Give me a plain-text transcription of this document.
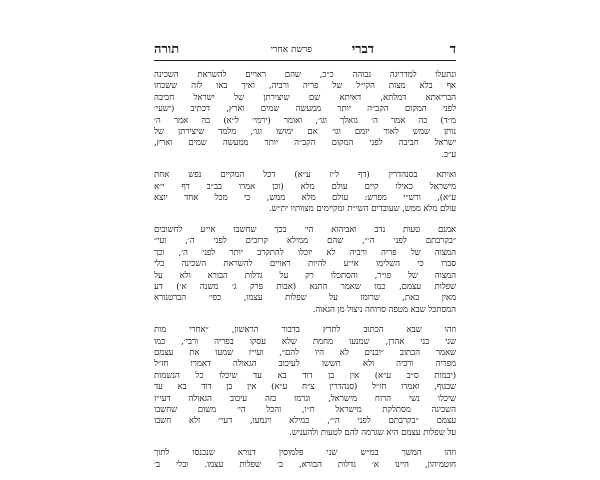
ד
דברי
פרשת אחרי
תורה
ונתעלו למדריגה גבוהה כ״כ, שהם ראויים להשראת השכינה
אף בלא מצות הקי״ל של פריה ורביה, ואיך באו לזה ששכחו
הבריאתא דמלתא, דאיתא שם שיצירתן של ישראל חביבה
לפני המקום הקב״ה יותר ממעשה שמים וארץ, דכתיב (ישעי׳
מ״ד) כה אמר ה׳ גואלך וגו׳, ואומר (ירמי׳ ל״א) כה אמר ה׳
נותן שמש לאור יומם וגו׳ אם ימושו וגו׳, מלמד שיצירתן של
ישראל חביבה לפני המקום הקב״ה יותר ממעשה שמים וארץ,
ע״כ.
ואיתא בסנהדרין (דף ל״ז ע״א) דכל המקיים נפש אחת
מישראל כאילו קיים עולם מלא (וכן אמרו בב״ב דף י״א
ע״א), ורש״י מפרש: עולם מלא ממש, כי מכל אחד יוצא
עולם מלא ממש, שעובדים השי״ת ומקיימים מצוותיו ית״ש.
אמנם טעות נדב ואביהוא הי׳ בכך שחשבו אי״ע לחשובים
״בקרבתם לפני ה׳״, שהם ממילא קרובים לפני ה׳, ועי״
המצוה של פריה ורביה לא יוכלו להתקרב יותר לפני ה׳, וכך
סברו כי השלימו אי״ע להיות ראויים להשראת השכינה בלי
המצוה של פו״ר, והסתכלו רק על גדלות הבורא ולא על
שפלות עצמם, כמו שאמר התנא (אבות פרק ג׳ משנה א׳) דע
מאין באת, שרומז על שפלות עצמו, כפי׳ הברטנורא
המסתכל שבא מטפה סרוחה ניצול מן הגאוה.
וזהו שבא הכתוב לתרץ בדבור הראשון, ״אחרי מות
שני בני אהרן, שמנעו מחמת שלא עסקו בפריה ורבי׳, כמו
שאמר הכתוב ״ובנים לא היו להם״, ועי״ז שמעו את עצמם
מפריה ורביה ולא חששו לעיכוב הגאולה דאמרו חז״ל
(יבמות ס״ב ע״א) אין בן דוד בא עד שיכלו כל הנשמות
שבגוף, ואמרו חז״ל (סנהדרין צ״ח ע״א) אין בן דוד בא עד
שיכלו נשי הרוח מישראל, וגרמו בזה עיכוב הגאולה דעי״ז
השכינה מסתלקת מישראל ח״ו, והכל הי׳ משום שחשבו
עצמם ״בקרבתם לפני ה׳״, כמילא ויגמעו, דעי״ זלא חשבו
על שפלות עצמם היא שגרמה להם לטעות ולהעניש.
וזהו המשך במ״ש שני פלמוסין דנורא שנכנסו לתוך
חוטמיהון, היינו א׳ גדלות הבורא, ב׳ שפלות עצמו. ובלי ב׳
